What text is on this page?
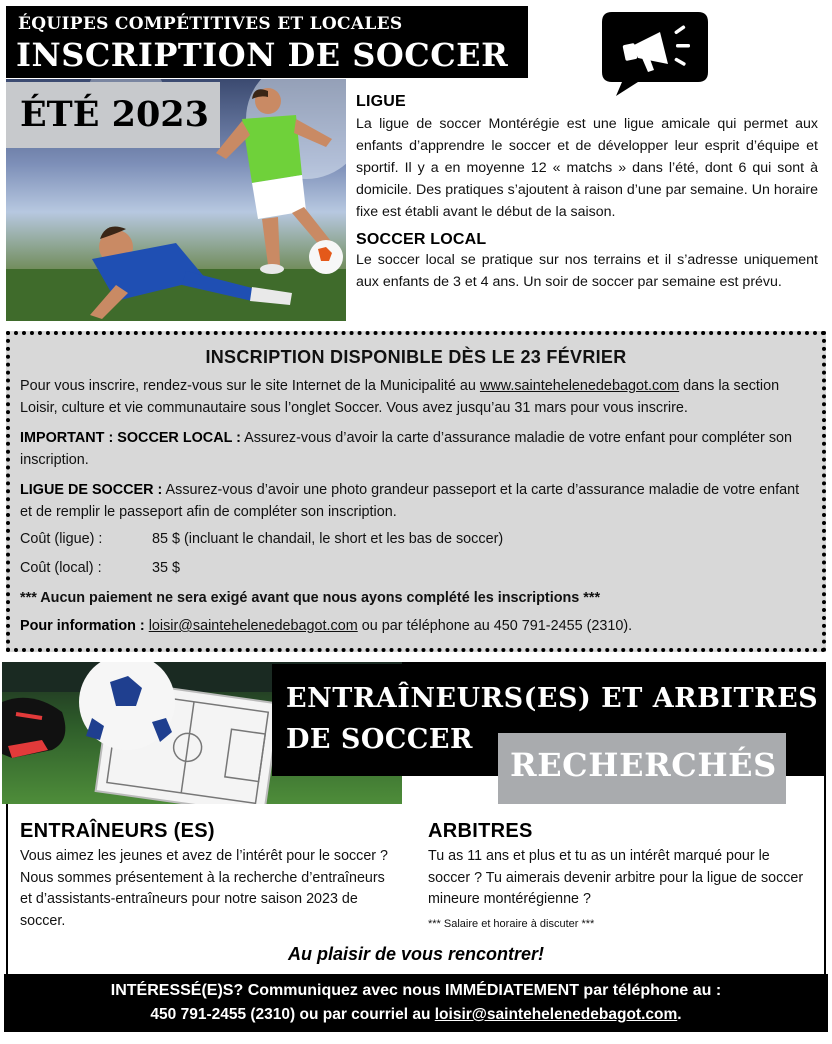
ÉQUIPES COMPÉTITIVES ET LOCALES
INSCRIPTION DE SOCCER
ÉTÉ 2023	LIGUE
La ligue de soccer Montérégie est une ligue amicale qui permet aux enfants d’apprendre le soccer et de développer leur esprit d’équipe et sportif. Il y a en moyenne 12 « matchs » dans l’été, dont 6 qui sont à domicile. Des pratiques s’ajoutent à raison d’une par semaine. Un horaire fixe est établi avant le début de la saison.
SOCCER LOCAL
Le soccer local se pratique sur nos terrains et il s’adresse uniquement aux enfants de 3 et 4 ans. Un soir de soccer par semaine est prévu.
INSCRIPTION DISPONIBLE DÈS LE 23 FÉVRIER
Pour vous inscrire, rendez-vous sur le site Internet de la Municipalité au www.saintehelenedebagot.com dans la section Loisir, culture et vie communautaire sous l’onglet Soccer. Vous avez jusqu’au 31 mars pour vous inscrire.
IMPORTANT : SOCCER LOCAL : Assurez-vous d’avoir la carte d’assurance maladie de votre enfant pour compléter son inscription.
LIGUE DE SOCCER : Assurez-vous d’avoir une photo grandeur passeport et la carte d’assurance maladie de votre enfant et de remplir le passeport afin de compléter son inscription.
Coût (ligue) :	85 $ (incluant le chandail, le short et les bas de soccer)
Coût (local) :	35 $
*** Aucun paiement ne sera exigé avant que nous ayons complété les inscriptions ***
Pour information : loisir@saintehelenedebagot.com ou par téléphone au 450 791-2455 (2310).
ENTRAÎNEURS(ES) ET ARBITRES
DE SOCCER
RECHERCHÉS
ENTRAÎNEURS (ES)
Vous aimez les jeunes et avez de l’intérêt pour le soccer ? Nous sommes présentement à la recherche d’entraîneurs et d’assistants-entraîneurs pour notre saison 2023 de soccer.
ARBITRES
Tu as 11 ans et plus et tu as un intérêt marqué pour le soccer ? Tu aimerais devenir arbitre pour la ligue de soccer mineure montérégienne ?
*** Salaire et horaire à discuter ***
Au plaisir de vous rencontrer!
INTÉRESSÉ(E)S? Communiquez avec nous IMMÉDIATEMENT par téléphone au :
450 791-2455 (2310) ou par courriel au loisir@saintehelenedebagot.com.
